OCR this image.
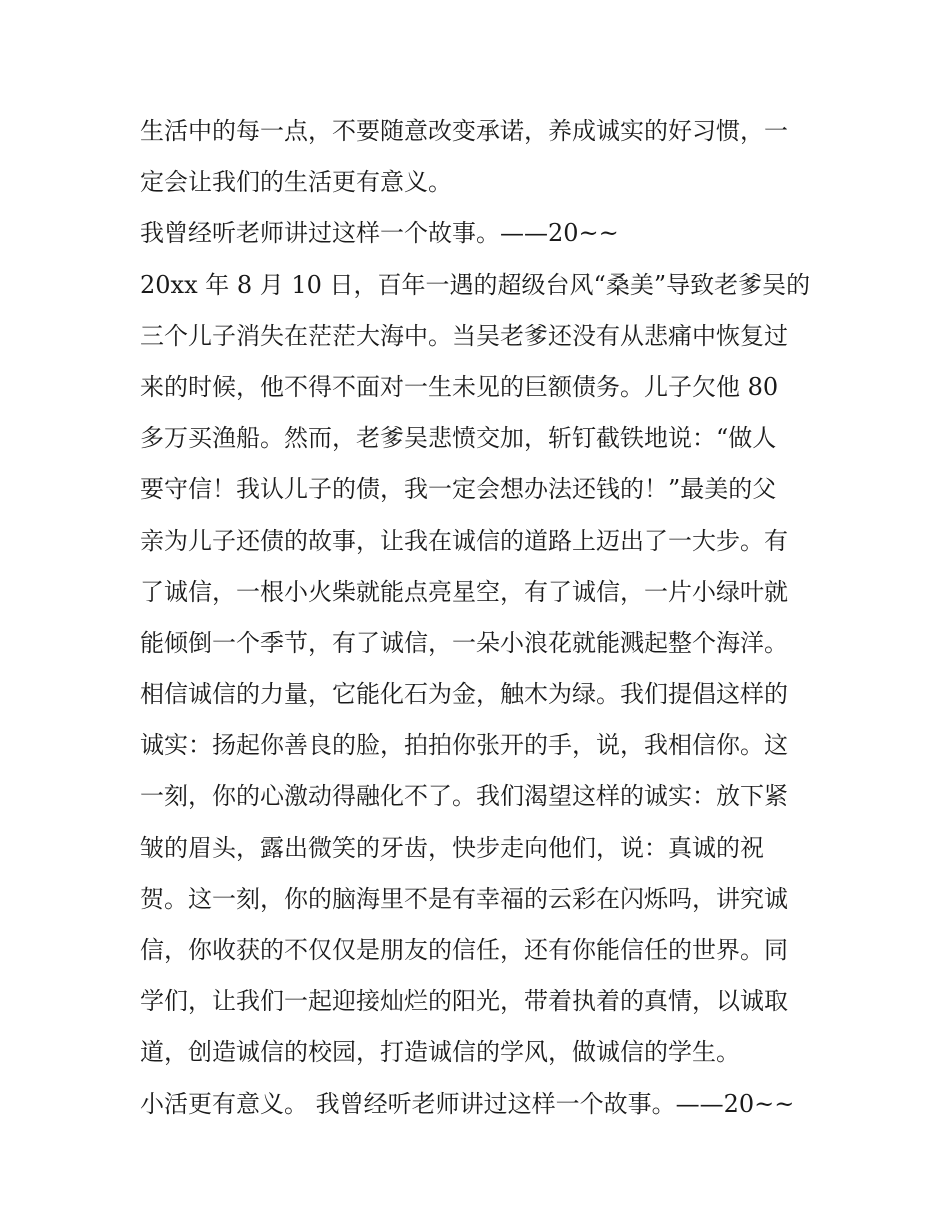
生活中的每一点，不要随意改变承诺，养成诚实的好习惯，一
定会让我们的生活更有意义。
我曾经听老师讲过这样一个故事。——20~~
20xx 年 8 月 10 日，百年一遇的超级台风“桑美”导致老爹吴的
三个儿子消失在茫茫大海中。当吴老爹还没有从悲痛中恢复过
来的时候，他不得不面对一生未见的巨额债务。儿子欠他 80
多万买渔船。然而，老爹吴悲愤交加，斩钉截铁地说：“做人
要守信！我认儿子的债，我一定会想办法还钱的！”最美的父
亲为儿子还债的故事，让我在诚信的道路上迈出了一大步。有
了诚信，一根小火柴就能点亮星空，有了诚信，一片小绿叶就
能倾倒一个季节，有了诚信，一朵小浪花就能溅起整个海洋。
相信诚信的力量，它能化石为金，触木为绿。我们提倡这样的
诚实：扬起你善良的脸，拍拍你张开的手，说，我相信你。这
一刻，你的心激动得融化不了。我们渴望这样的诚实：放下紧
皱的眉头，露出微笑的牙齿，快步走向他们，说：真诚的祝
贺。这一刻，你的脑海里不是有幸福的云彩在闪烁吗，讲究诚
信，你收获的不仅仅是朋友的信任，还有你能信任的世界。同
学们，让我们一起迎接灿烂的阳光，带着执着的真情，以诚取
道，创造诚信的校园，打造诚信的学风，做诚信的学生。
小活更有意义。 我曾经听老师讲过这样一个故事。——20~~
